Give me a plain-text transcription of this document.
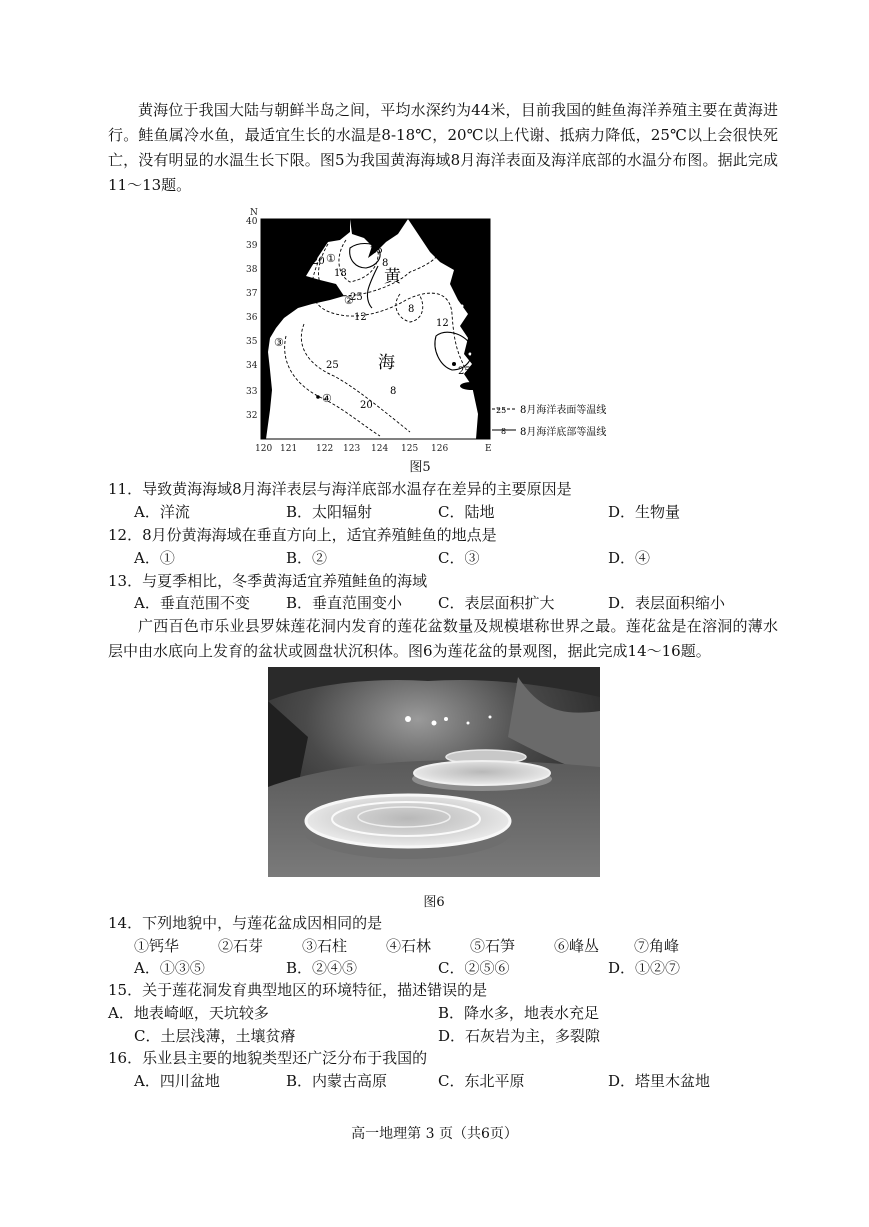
黄海位于我国大陆与朝鲜半岛之间，平均水深约为44米，目前我国的鲑鱼海洋养殖主要在黄海进行。鲑鱼属冷水鱼，最适宜生长的水温是8-18℃，20℃以上代谢、抵病力降低，25℃以上会很快死亡，没有明显的水温生长下限。图5为我国黄海海域8月海洋表面及海洋底部的水温分布图。据此完成11～13题。

N
40
39
38
37
36
35
34
33
32
120 121 122 123 124 125 126	E
25
20
18
8
25
12
8
12
25
25
20
8
黄
海
①
②
③
④
25 8月海洋表面等温线
8 8月海洋底部等温线
图5

11．导致黄海海域8月海洋表层与海洋底部水温存在差异的主要原因是

A．洋流	B．太阳辐射	C．陆地	D．生物量

12．8月份黄海海域在垂直方向上，适宜养殖鲑鱼的地点是

A．①	B．②	C．③	D．④

13．与夏季相比，冬季黄海适宜养殖鲑鱼的海域

A．垂直范围不变 B．垂直范围变小 C．表层面积扩大	D．表层面积缩小

广西百色市乐业县罗妹莲花洞内发育的莲花盆数量及规模堪称世界之最。莲花盆是在溶洞的薄水层中由水底向上发育的盆状或圆盘状沉积体。图6为莲花盆的景观图，据此完成14～16题。

图6

14．下列地貌中，与莲花盆成因相同的是

①钙华	②石芽	③石柱	④石林	⑤石笋	⑥峰丛 ⑦角峰
A．①③⑤	B．②④⑤	C．②⑤⑥	D．①②⑦

15．关于莲花洞发育典型地区的环境特征，描述错误的是

A．地表崎岖，天坑较多	B．降水多，地表水充足
C．土层浅薄，土壤贫瘠	D．石灰岩为主，多裂隙

16．乐业县主要的地貌类型还广泛分布于我国的

A．四川盆地	B．内蒙古高原	C．东北平原	D．塔里木盆地
高一地理第 3 页（共6页）
